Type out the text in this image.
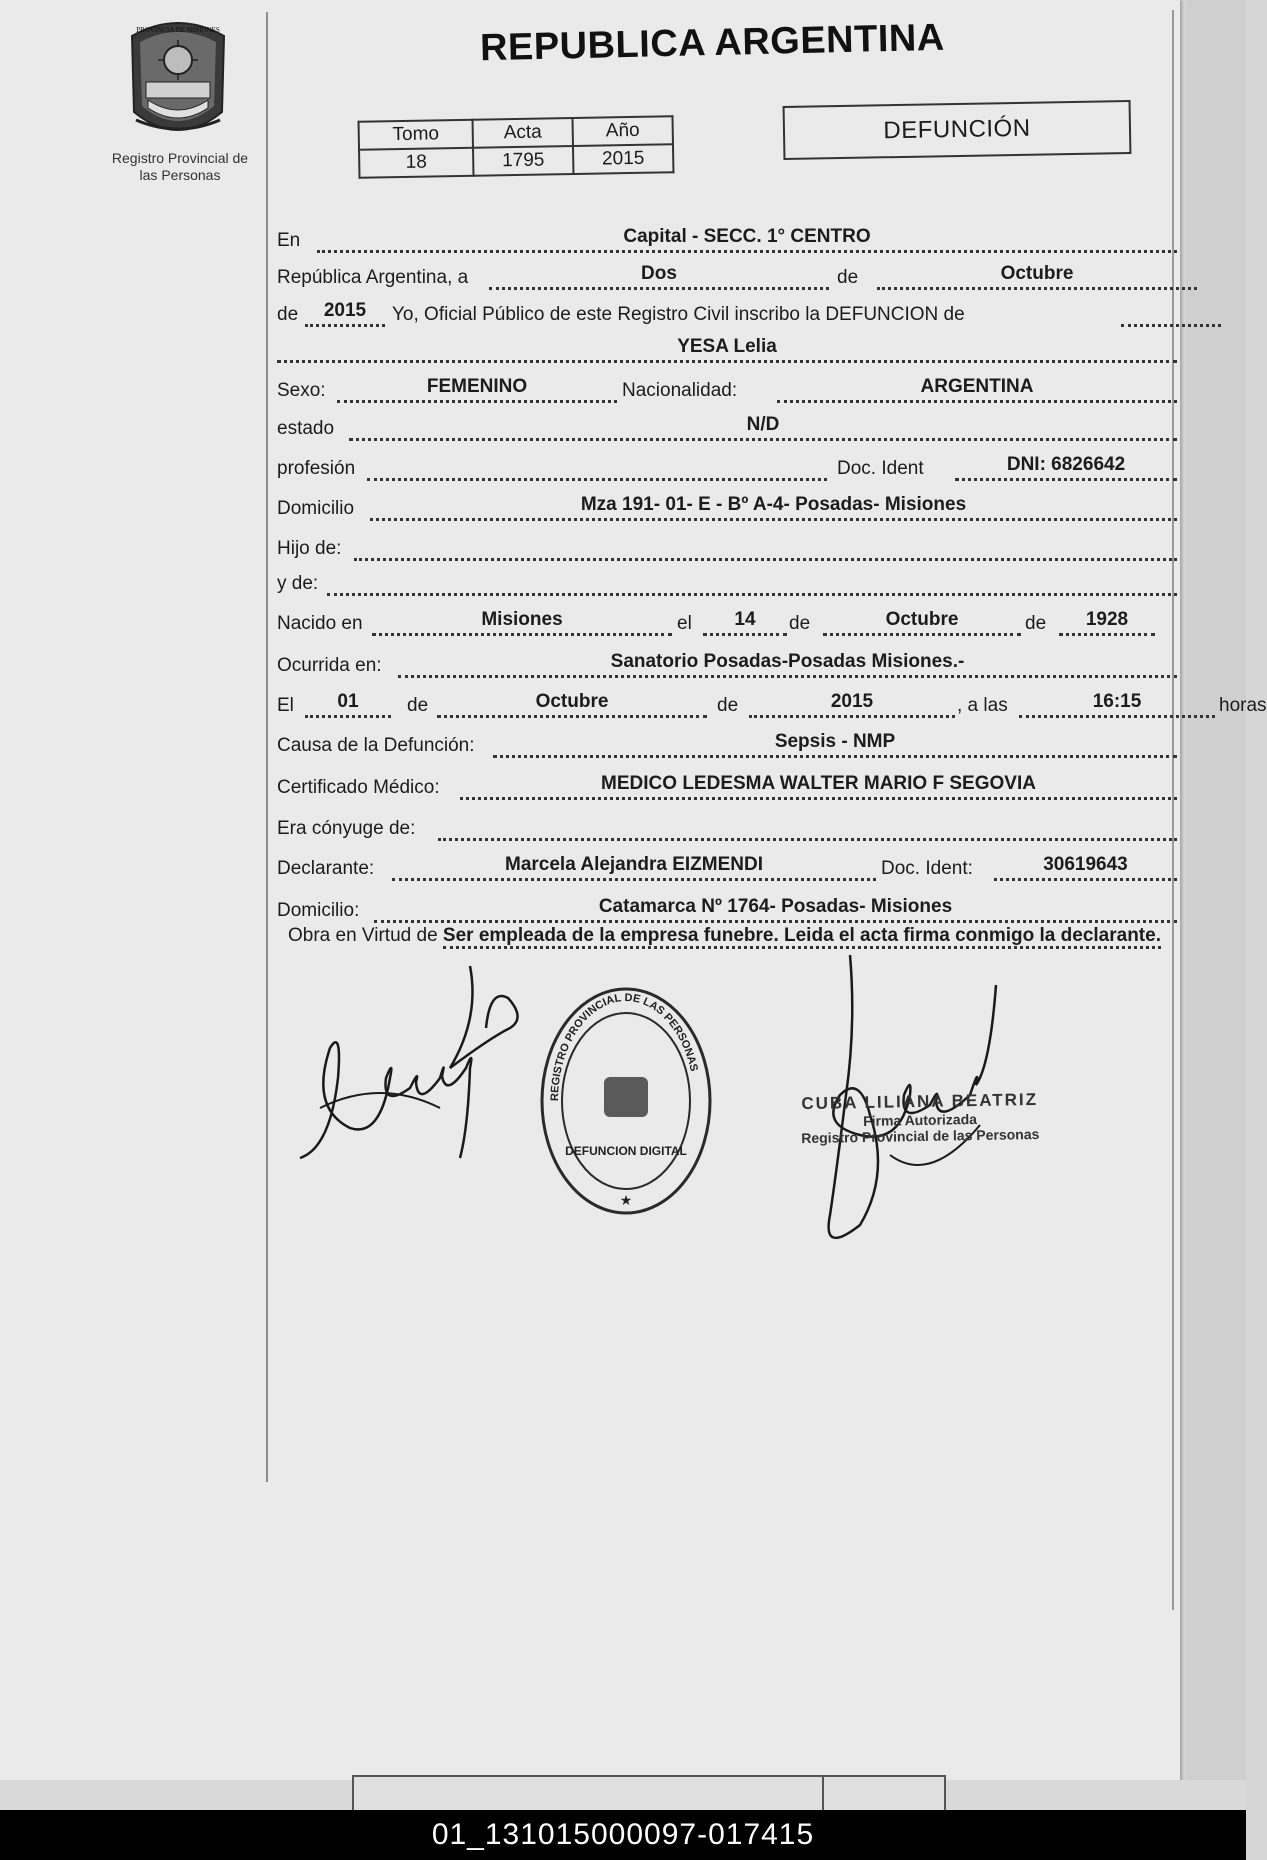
PROVINCIA DE MISIONES
Registro Provincial de
las Personas
REPUBLICA ARGENTINA
Tomo	Acta	Año
18	1795	2015
DEFUNCIÓN
En	Capital - SECC. 1° CENTRO
República Argentina, a	Dos	de	Octubre
de	2015	Yo, Oficial Público de este Registro Civil inscribo la DEFUNCION de
YESA Lelia
Sexo:	FEMENINO	Nacionalidad:	ARGENTINA
estado	N/D
profesión	Doc. Ident	DNI: 6826642
Domicilio	Mza 191- 01- E - Bº A-4- Posadas- Misiones
Hijo de:
y de:
Nacido en	Misiones	el	14	de	Octubre	de	1928
Ocurrida en:	Sanatorio Posadas-Posadas Misiones.-
El	01	de	Octubre	de	2015	, a las	16:15	horas
Causa de la Defunción:	Sepsis - NMP
Certificado Médico:	MEDICO LEDESMA WALTER MARIO F SEGOVIA
Era cónyuge de:
Declarante:	Marcela Alejandra EIZMENDI	Doc. Ident:	30619643
Domicilio:	Catamarca Nº 1764- Posadas- Misiones
Obra en Virtud de Ser empleada de la empresa funebre. Leida el acta firma conmigo la declarante.
REGISTRO PROVINCIAL DE LAS PERSONAS
DEFUNCION DIGITAL
★
CUBA LILIANA BEATRIZ
Firma Autorizada
Registro Provincial de las Personas
01_131015000097-017415
